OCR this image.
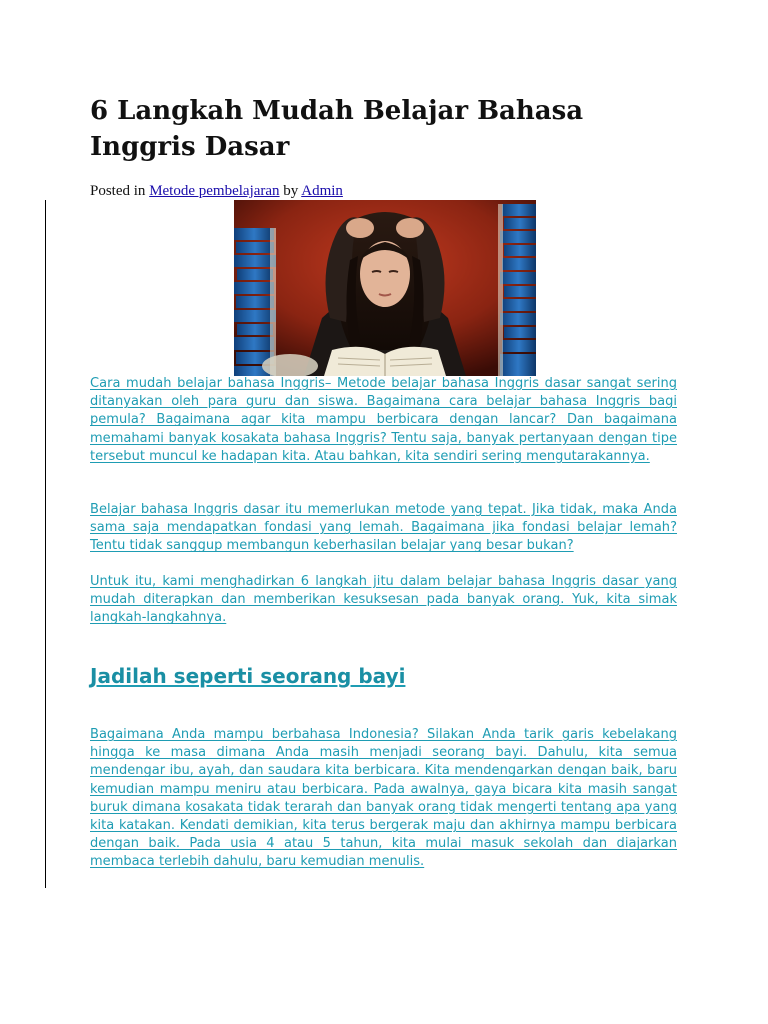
6 Langkah Mudah Belajar Bahasa Inggris Dasar
Posted in Metode pembelajaran by Admin

Cara mudah belajar bahasa Inggris– Metode belajar bahasa Inggris dasar sangat sering ditanyakan oleh para guru dan siswa. Bagaimana cara belajar bahasa Inggris bagi pemula? Bagaimana agar kita mampu berbicara dengan lancar? Dan bagaimana memahami banyak kosakata bahasa Inggris? Tentu saja, banyak pertanyaan dengan tipe tersebut muncul ke hadapan kita. Atau bahkan, kita sendiri sering mengutarakannya.

Belajar bahasa Inggris dasar itu memerlukan metode yang tepat. Jika tidak, maka Anda sama saja mendapatkan fondasi yang lemah. Bagaimana jika fondasi belajar lemah? Tentu tidak sanggup membangun keberhasilan belajar yang besar bukan?

Untuk itu, kami menghadirkan 6 langkah jitu dalam belajar bahasa Inggris dasar yang mudah diterapkan dan memberikan kesuksesan pada banyak orang. Yuk, kita simak langkah-langkahnya.

Jadilah seperti seorang bayi

Bagaimana Anda mampu berbahasa Indonesia? Silakan Anda tarik garis kebelakang hingga ke masa dimana Anda masih menjadi seorang bayi. Dahulu, kita semua mendengar ibu, ayah, dan saudara kita berbicara. Kita mendengarkan dengan baik, baru kemudian mampu meniru atau berbicara. Pada awalnya, gaya bicara kita masih sangat buruk dimana kosakata tidak terarah dan banyak orang tidak mengerti tentang apa yang kita katakan. Kendati demikian, kita terus bergerak maju dan akhirnya mampu berbicara dengan baik. Pada usia 4 atau 5 tahun, kita mulai masuk sekolah dan diajarkan membaca terlebih dahulu, baru kemudian menulis.
